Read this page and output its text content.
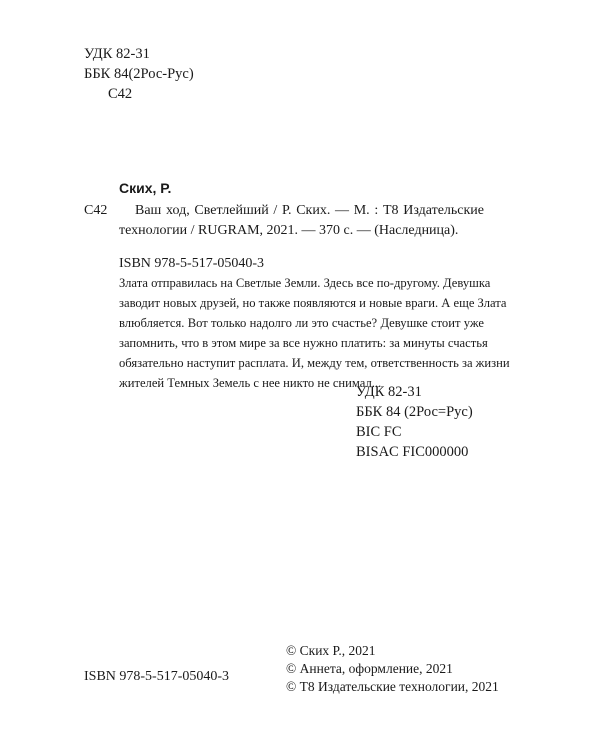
УДК 82-31
ББК 84(2Рос-Рус)
С42
Ских, Р.
С42 Ваш ход, Светлейший / Р. Ских. — М. : Т8 Издательские
технологии / RUGRAM, 2021. — 370 с. — (Наследница).
ISBN 978-5-517-05040-3
Злата отправилась на Светлые Земли. Здесь все по-другому. Девушка
заводит новых друзей, но также появляются и новые враги. А еще Злата
влюбляется. Вот только надолго ли это счастье? Девушке стоит уже
запомнить, что в этом мире за все нужно платить: за минуты счастья
обязательно наступит расплата. И, между тем, ответственность за жизни
жителей Темных Земель с нее никто не снимал...
УДК 82-31
ББК 84 (2Рос=Рус)
BIC FC
BISAC FIC000000
© Ских Р., 2021
© Аннета, оформление, 2021
© Т8 Издательские технологии, 2021
ISBN 978-5-517-05040-3
